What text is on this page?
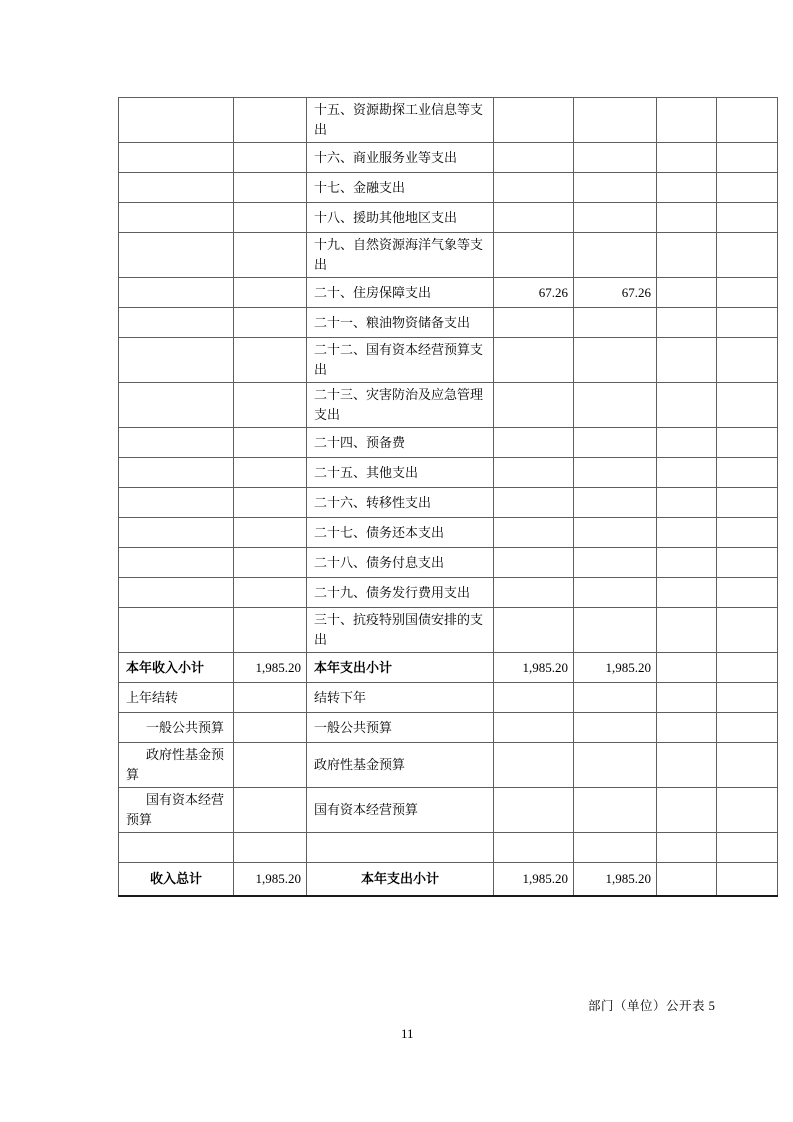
		十五、资源勘探工业信息等支出				
		十六、商业服务业等支出				
		十七、金融支出				
		十八、援助其他地区支出				
		十九、自然资源海洋气象等支出				
		二十、住房保障支出	67.26	67.26		
		二十一、粮油物资储备支出				
		二十二、国有资本经营预算支出				
		二十三、灾害防治及应急管理支出				
		二十四、预备费				
		二十五、其他支出				
		二十六、转移性支出				
		二十七、债务还本支出				
		二十八、债务付息支出				
		二十九、债务发行费用支出				
		三十、抗疫特别国债安排的支出				
本年收入小计	1,985.20	本年支出小计	1,985.20	1,985.20		
上年结转		结转下年				
一般公共预算		一般公共预算				
政府性基金预算		政府性基金预算				
国有资本经营预算		国有资本经营预算				

收入总计	1,985.20	本年支出小计	1,985.20	1,985.20		
部门（单位）公开表 5
11
